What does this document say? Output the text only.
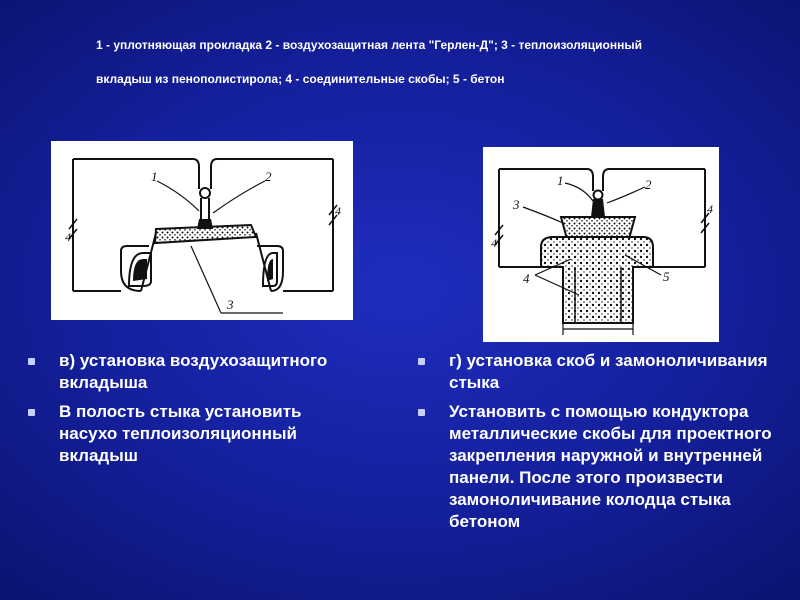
1 - уплотняющая прокладка 2 - воздухозащитная лента "Герлен-Д"; 3 - теплоизоляционный
вкладыш из пенополистирола; 4 - соединительные скобы; 5 - бетон
1	2
3
4
4
1	2
3
4	5
4
4
в) установка воздухозащитного вкладыша
В полость стыка установить насухо теплоизоляционный вкладыш
г) установка скоб и замоноличивания стыка
Установить с помощью кондуктора металлические скобы для проектного закрепления наружной и внутренней панели. После этого произвести замоноличивание колодца стыка бетоном
